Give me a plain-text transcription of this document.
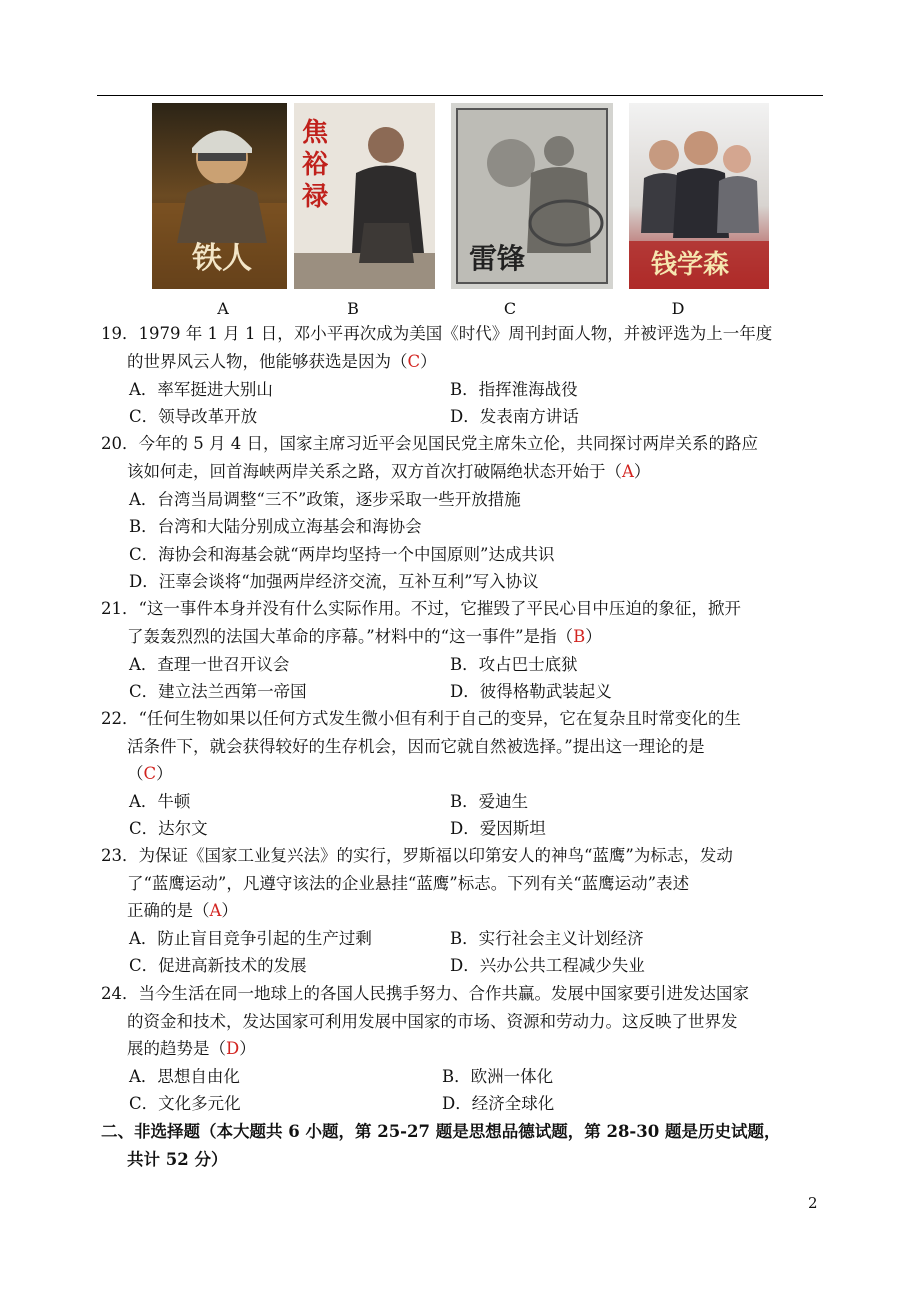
铁人
A
焦
裕
禄
B
雷锋
C
钱学森
D
19．1979 年 1 月 1 日，邓小平再次成为美国《时代》周刊封面人物，并被评选为上一年度
的世界风云人物，他能够获选是因为（C）
A．率军挺进大别山	B．指挥淮海战役
C．领导改革开放	D．发表南方讲话
20．今年的 5 月 4 日，国家主席习近平会见国民党主席朱立伦，共同探讨两岸关系的路应
该如何走，回首海峡两岸关系之路，双方首次打破隔绝状态开始于（A）
A．台湾当局调整“三不”政策，逐步采取一些开放措施
B．台湾和大陆分别成立海基会和海协会
C．海协会和海基会就“两岸均坚持一个中国原则”达成共识
D．汪辜会谈将“加强两岸经济交流，互补互利”写入协议
21．“这一事件本身并没有什么实际作用。不过，它摧毁了平民心目中压迫的象征，掀开
了轰轰烈烈的法国大革命的序幕。”材料中的“这一事件”是指（B）
A．查理一世召开议会	B．攻占巴士底狱
C．建立法兰西第一帝国	D．彼得格勒武装起义
22．“任何生物如果以任何方式发生微小但有利于自己的变异，它在复杂且时常变化的生
活条件下，就会获得较好的生存机会，因而它就自然被选择。”提出这一理论的是
（C）
A．牛顿	B．爱迪生
C．达尔文	D．爱因斯坦
23．为保证《国家工业复兴法》的实行，罗斯福以印第安人的神鸟“蓝鹰”为标志，发动
了“蓝鹰运动”，凡遵守该法的企业悬挂“蓝鹰”标志。下列有关“蓝鹰运动”表述
正确的是（A）
A．防止盲目竞争引起的生产过剩	B．实行社会主义计划经济
C．促进高新技术的发展	D．兴办公共工程减少失业
24．当今生活在同一地球上的各国人民携手努力、合作共赢。发展中国家要引进发达国家
的资金和技术，发达国家可利用发展中国家的市场、资源和劳动力。这反映了世界发
展的趋势是（D）
A．思想自由化	B．欧洲一体化
C．文化多元化	D．经济全球化
二、非选择题（本大题共 6 小题，第 25-27 题是思想品德试题，第 28-30 题是历史试题，
共计 52 分）
2
